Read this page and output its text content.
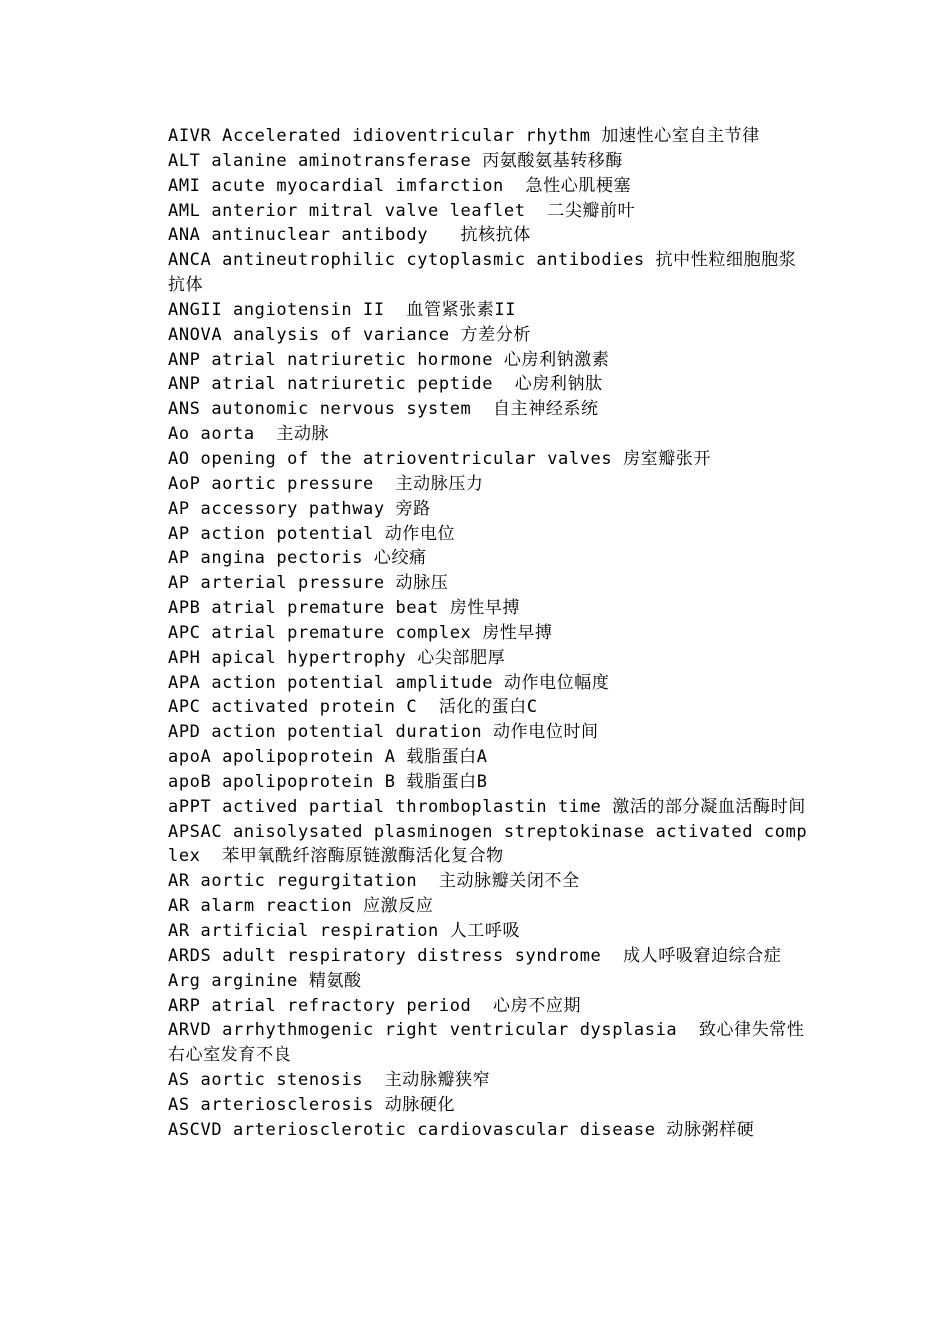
AIVR Accelerated idioventricular rhythm 加速性心室自主节律

ALT alanine aminotransferase 丙氨酸氨基转移酶

AMI acute myocardial imfarction  急性心肌梗塞

AML anterior mitral valve leaflet  二尖瓣前叶

ANA antinuclear antibody   抗核抗体

ANCA antineutrophilic cytoplasmic antibodies 抗中性粒细胞胞浆抗体

ANGII angiotensin II  血管紧张素II

ANOVA analysis of variance 方差分析

ANP atrial natriuretic hormone 心房利钠激素

ANP atrial natriuretic peptide  心房利钠肽

ANS autonomic nervous system  自主神经系统

Ao aorta  主动脉

AO opening of the atrioventricular valves 房室瓣张开

AoP aortic pressure  主动脉压力

AP accessory pathway 旁路

AP action potential 动作电位

AP angina pectoris 心绞痛

AP arterial pressure 动脉压

APB atrial premature beat 房性早搏

APC atrial premature complex 房性早搏

APH apical hypertrophy 心尖部肥厚

APA action potential amplitude 动作电位幅度

APC activated protein C  活化的蛋白C

APD action potential duration 动作电位时间

apoA apolipoprotein A 载脂蛋白A

apoB apolipoprotein B 载脂蛋白B

aPPT actived partial thromboplastin time 激活的部分凝血活酶时间

APSAC anisolysated plasminogen streptokinase activated complex  苯甲氧酰纤溶酶原链激酶活化复合物

AR aortic regurgitation  主动脉瓣关闭不全

AR alarm reaction 应激反应

AR artificial respiration 人工呼吸

ARDS adult respiratory distress syndrome  成人呼吸窘迫综合症

Arg arginine 精氨酸

ARP atrial refractory period  心房不应期

ARVD arrhythmogenic right ventricular dysplasia  致心律失常性右心室发育不良

AS aortic stenosis  主动脉瓣狭窄

AS arteriosclerosis 动脉硬化

ASCVD arteriosclerotic cardiovascular disease 动脉粥样硬
